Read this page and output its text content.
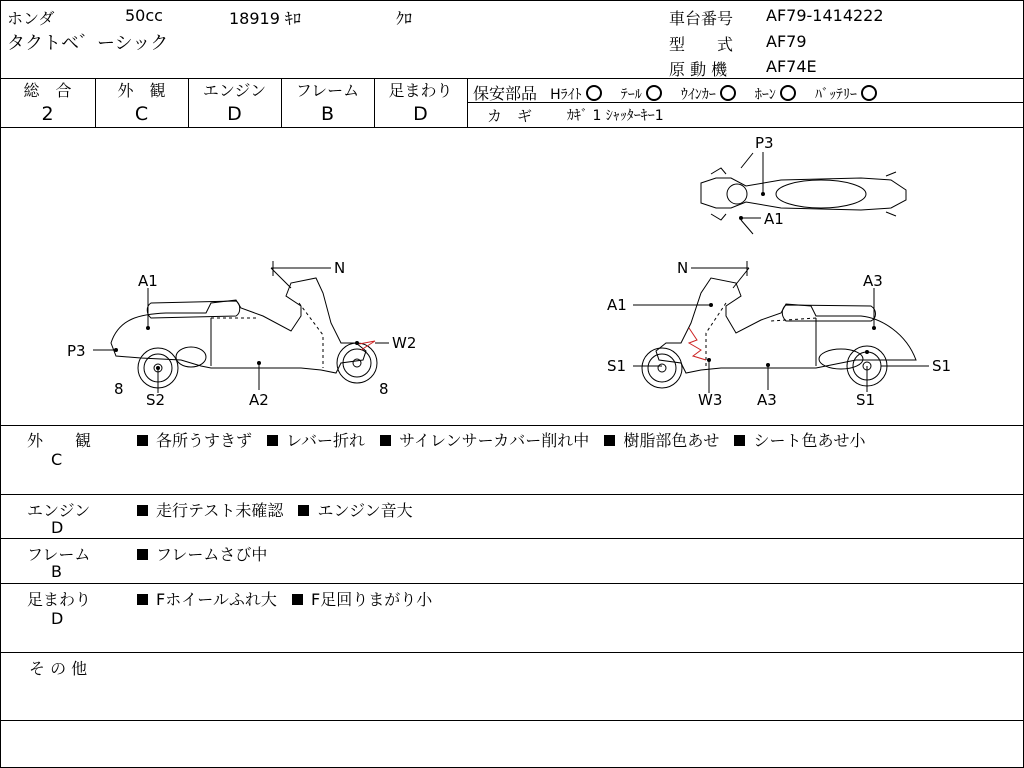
ホンダ	50cc	18919 ｷﾛ	ｸﾛ
タクトベ゛ーシック
車台番号 AF79-1414222
型　　式 AF79
原 動 機 AF74E
総　合
2
外　観
C
エンジン
D
フレーム
B
足まわり
D
保安部品 Hﾗｲﾄ	ﾃｰﾙ	ｳｲﾝｶｰ	ﾎｰﾝ	ﾊﾞｯﾃﾘｰ
カ　ギ ｶｷﾞ 1 ｼｬｯﾀｰｷｰ1
A1
N
W2
P3
8
S2	A2
8
P3
A1
N
A3
A1
S1	S1
W3 A3	S1
外　　観
C
各所うすきず レバー折れ サイレンサーカバー削れ中 樹脂部色あせ シート色あせ小
エンジン
D
走行テスト未確認 エンジン音大
フレーム
B
フレームさび中
足まわり
D
Fホイールふれ大 F足回りまがり小
そ の 他
